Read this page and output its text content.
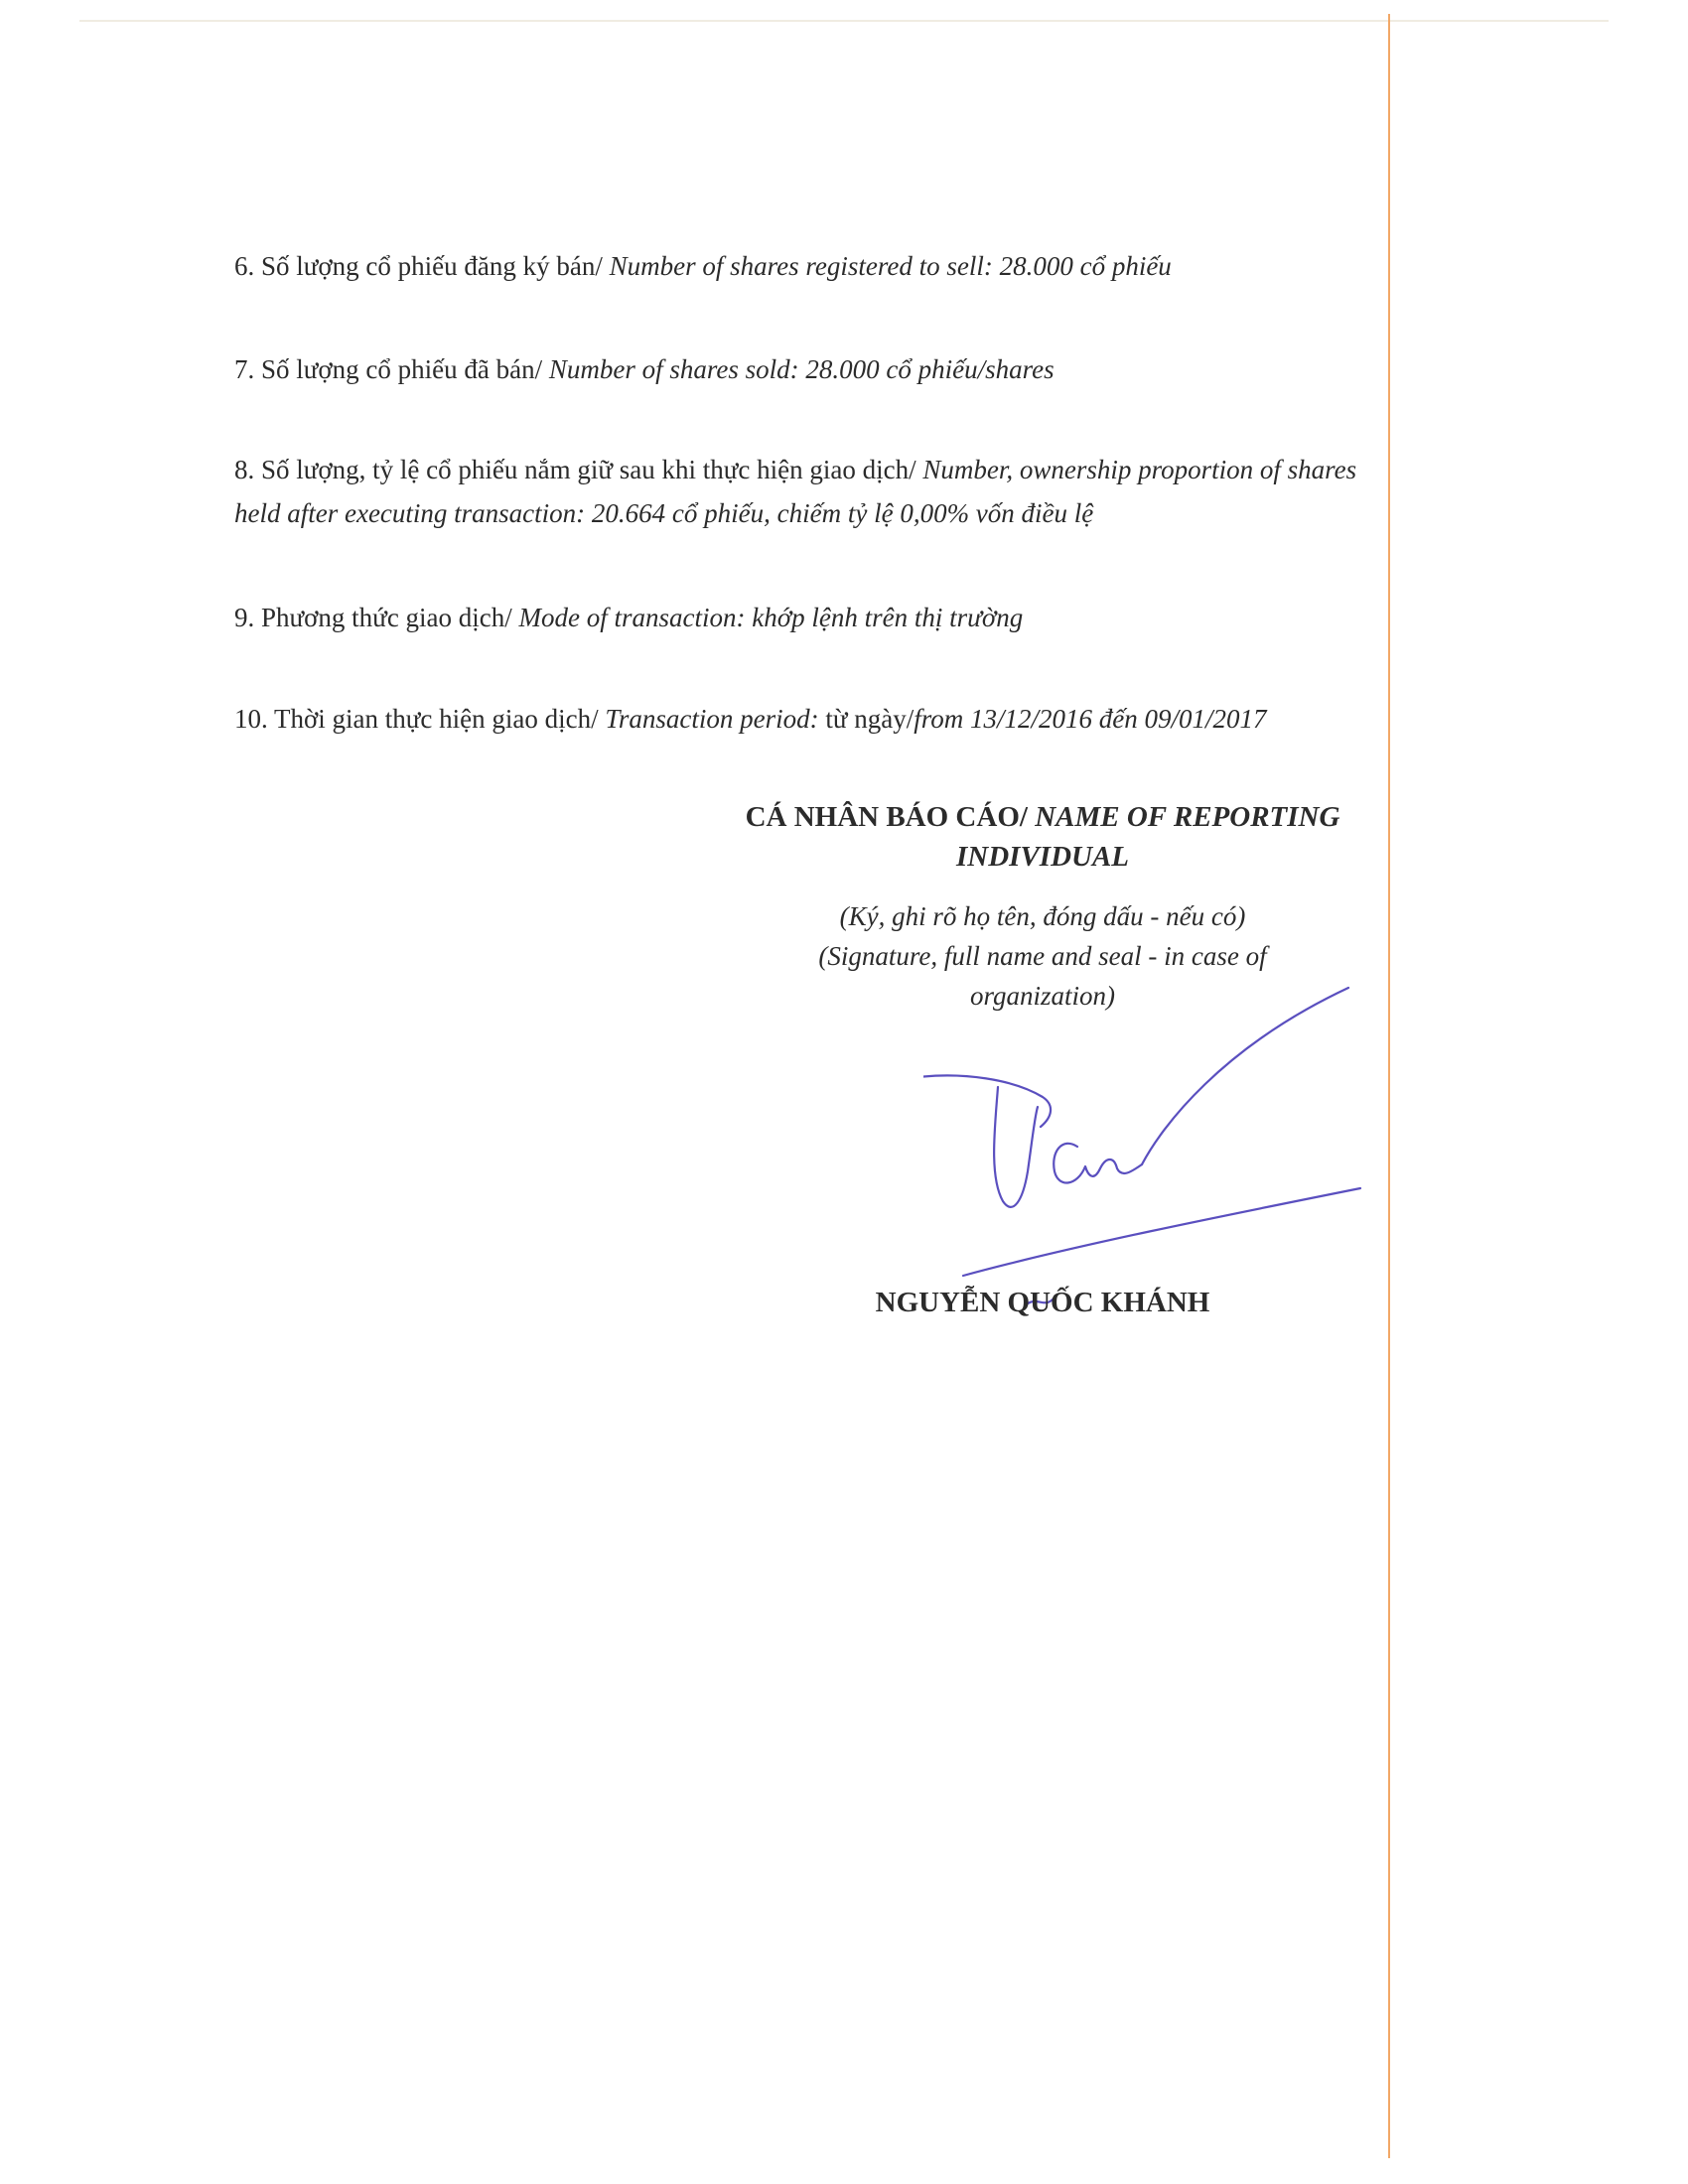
6. Số lượng cổ phiếu đăng ký bán/ Number of shares registered to sell: 28.000 cổ phiếu
7. Số lượng cổ phiếu đã bán/ Number of shares sold: 28.000 cổ phiếu/shares
8. Số lượng, tỷ lệ cổ phiếu nắm giữ sau khi thực hiện giao dịch/ Number, ownership proportion of shares
held after executing transaction: 20.664 cổ phiếu, chiếm tỷ lệ 0,00% vốn điều lệ
9. Phương thức giao dịch/ Mode of transaction: khớp lệnh trên thị trường
10. Thời gian thực hiện giao dịch/ Transaction period: từ ngày/from 13/12/2016 đến 09/01/2017
CÁ NHÂN BÁO CÁO/ NAME OF REPORTING
INDIVIDUAL
(Ký, ghi rõ họ tên, đóng dấu - nếu có)
(Signature, full name and seal - in case of
organization)
NGUYỄN QUỐC KHÁNH
